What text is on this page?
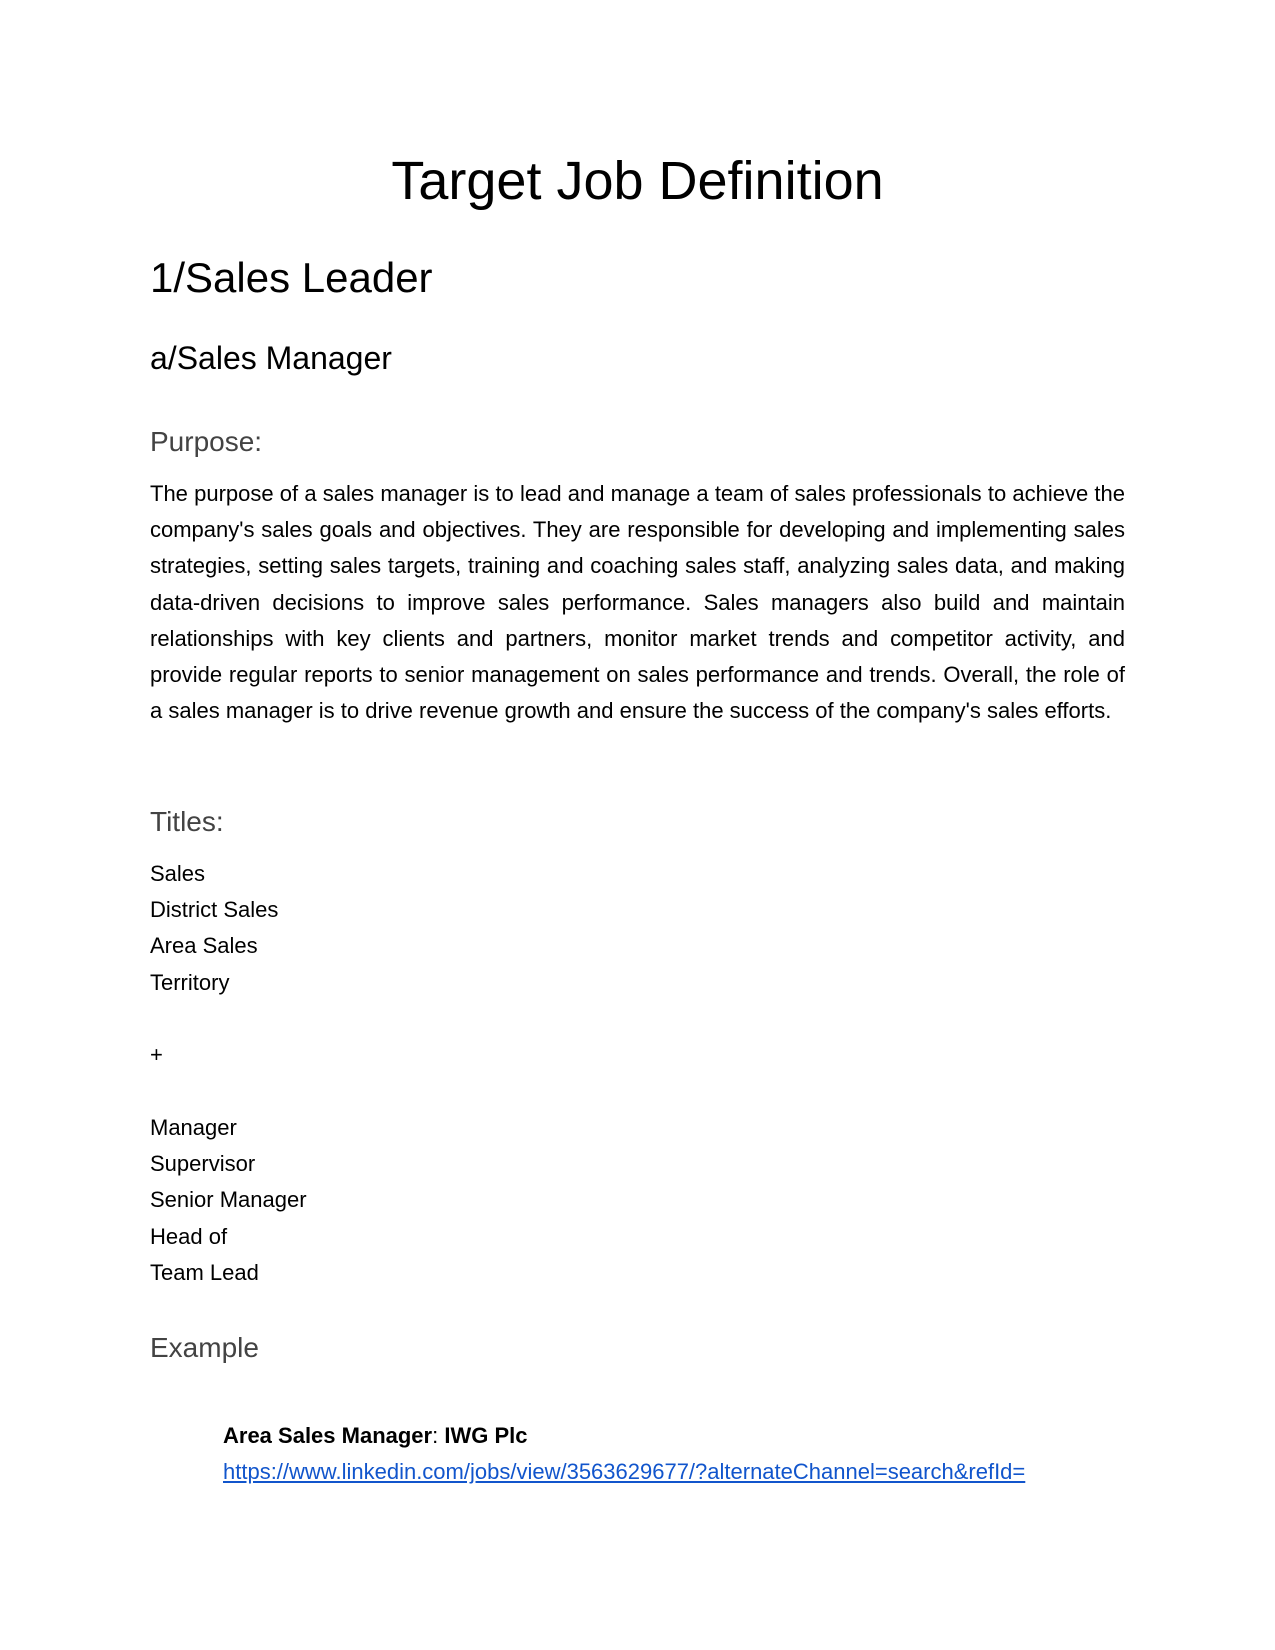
Target Job Definition
1/Sales Leader
a/Sales Manager
Purpose:

The purpose of a sales manager is to lead and manage a team of sales professionals to achieve the company's sales goals and objectives. They are responsible for developing and implementing sales strategies, setting sales targets, training and coaching sales staff, analyzing sales data, and making data-driven decisions to improve sales performance. Sales managers also build and maintain relationships with key clients and partners, monitor market trends and competitor activity, and provide regular reports to senior management on sales performance and trends. Overall, the role of a sales manager is to drive revenue growth and ensure the success of the company's sales efforts.

Titles:
Sales
District Sales
Area Sales
Territory

+

Manager
Supervisor
Senior Manager
Head of
Team Lead
Example

Area Sales Manager: IWG Plc

https://www.linkedin.com/jobs/view/3563629677/?alternateChannel=search&refId=
